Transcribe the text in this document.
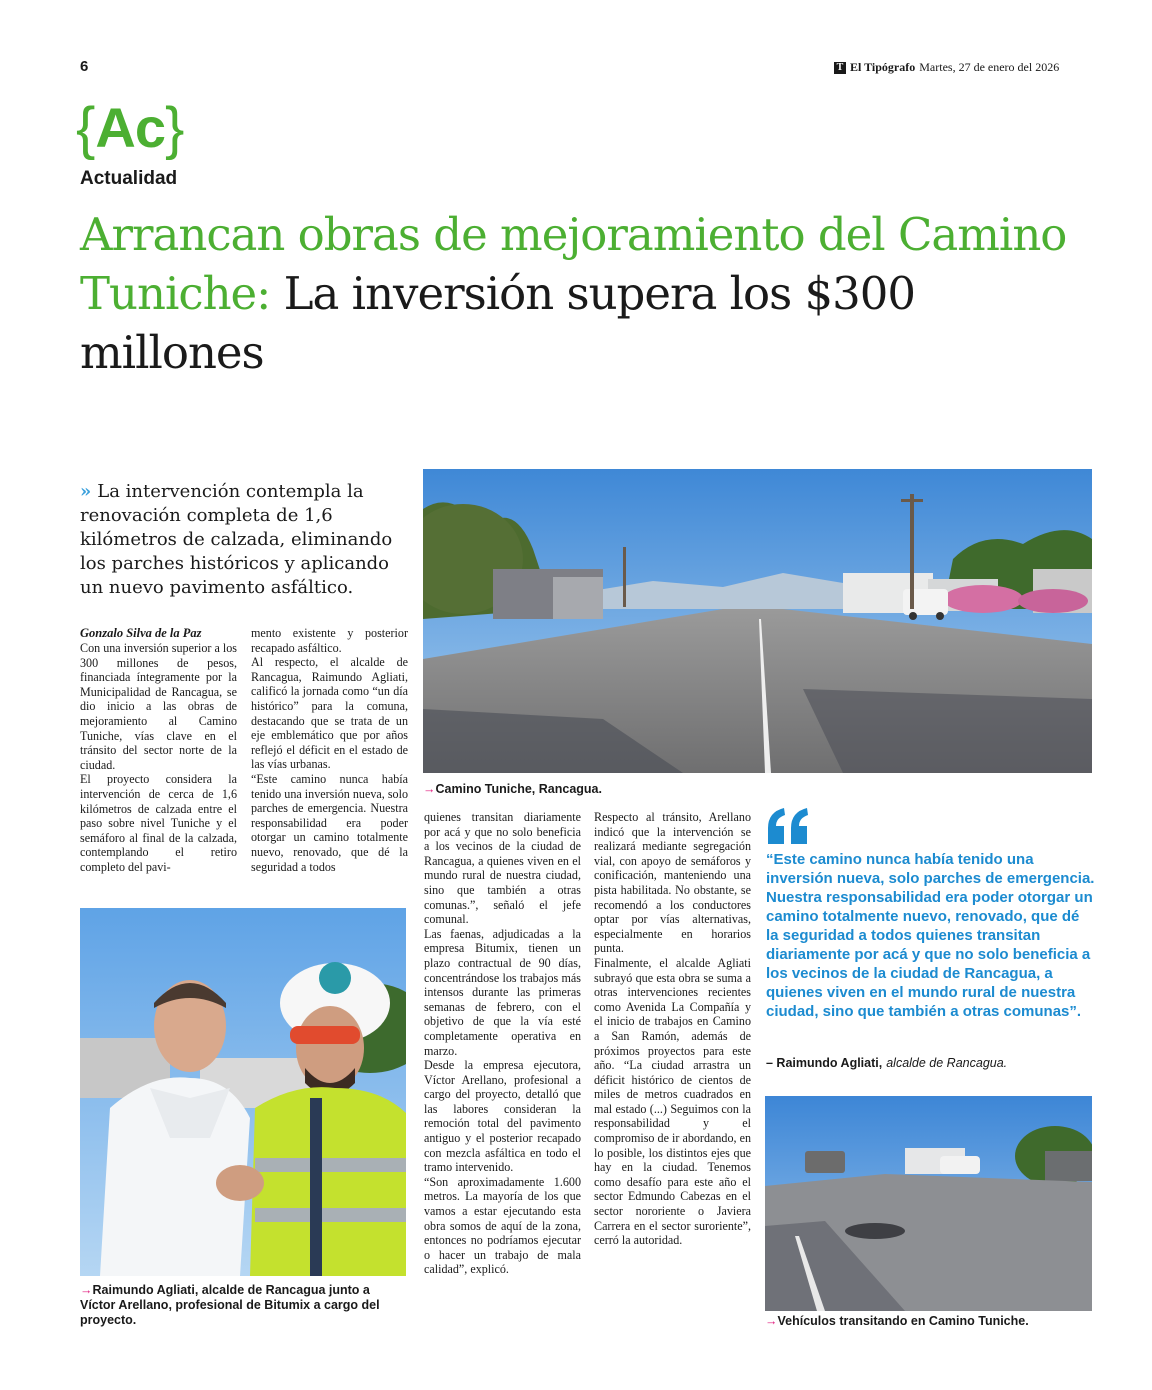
6	T El Tipógrafo Martes, 27 de enero del 2026
{Ac}
Actualidad
Arrancan obras de mejoramiento del Camino Tuniche: La inversión supera los $300 millones
» La intervención contempla la renovación completa de 1,6 kilómetros de calzada, eliminando los parches históricos y aplicando un nuevo pavimento asfáltico.
→Camino Tuniche, Rancagua.
Gonzalo Silva de la Paz
Con una inversión superior a los 300 millones de pesos, financiada íntegramente por la Municipalidad de Rancagua, se dio inicio a las obras de mejoramiento al Camino Tuniche, vías clave en el tránsito del sector norte de la ciudad.
El proyecto considera la intervención de cerca de 1,6 kilómetros de calzada entre el paso sobre nivel Tuniche y el semáforo al final de la calzada, contemplando el retiro completo del pavi-
mento existente y posterior recapado asfáltico.
Al respecto, el alcalde de Rancagua, Raimundo Agliati, calificó la jornada como “un día histórico” para la comuna, destacando que se trata de un eje emblemático que por años reflejó el déficit en el estado de las vías urbanas.
“Este camino nunca había tenido una inversión nueva, solo parches de emergencia. Nuestra responsabilidad era poder otorgar un camino totalmente nuevo, renovado, que dé la seguridad a todos
quienes transitan diariamente por acá y que no solo beneficia a los vecinos de la ciudad de Rancagua, a quienes viven en el mundo rural de nuestra ciudad, sino que también a otras comunas.”, señaló el jefe comunal.
Las faenas, adjudicadas a la empresa Bitumix, tienen un plazo contractual de 90 días, concentrándose los trabajos más intensos durante las primeras semanas de febrero, con el objetivo de que la vía esté completamente operativa en marzo.
Desde la empresa ejecutora, Víctor Arellano, profesional a cargo del proyecto, detalló que las labores consideran la remoción total del pavimento antiguo y el posterior recapado con mezcla asfáltica en todo el tramo intervenido.
“Son aproximadamente 1.600 metros. La mayoría de los que vamos a estar ejecutando esta obra somos de aquí de la zona, entonces no podríamos ejecutar o hacer un trabajo de mala calidad”, explicó.
Respecto al tránsito, Arellano indicó que la intervención se realizará mediante segregación vial, con apoyo de semáforos y conificación, manteniendo una pista habilitada. No obstante, se recomendó a los conductores optar por vías alternativas, especialmente en horarios punta.
Finalmente, el alcalde Agliati subrayó que esta obra se suma a otras intervenciones recientes como Avenida La Compañía y el inicio de trabajos en Camino a San Ramón, además de próximos proyectos para este año. “La ciudad arrastra un déficit histórico de cientos de miles de metros cuadrados en mal estado (...) Seguimos con la responsabilidad y el compromiso de ir abordando, en lo posible, los distintos ejes que hay en la ciudad. Tenemos como desafío para este año el sector Edmundo Cabezas en el sector nororiente o Javiera Carrera en el sector suroriente”, cerró la autoridad.
→Raimundo Agliati, alcalde de Rancagua junto a Víctor Arellano, profesional de Bitumix a cargo del proyecto.
“Este camino nunca había tenido una inversión nueva, solo parches de emergencia. Nuestra responsabilidad era poder otorgar un camino totalmente nuevo, renovado, que dé la seguridad a todos quienes transitan diariamente por acá y que no solo beneficia a los vecinos de la ciudad de Rancagua, a quienes viven en el mundo rural de nuestra ciudad, sino que también a otras comunas”.
– Raimundo Agliati, alcalde de Rancagua.
→Vehículos transitando en Camino Tuniche.
